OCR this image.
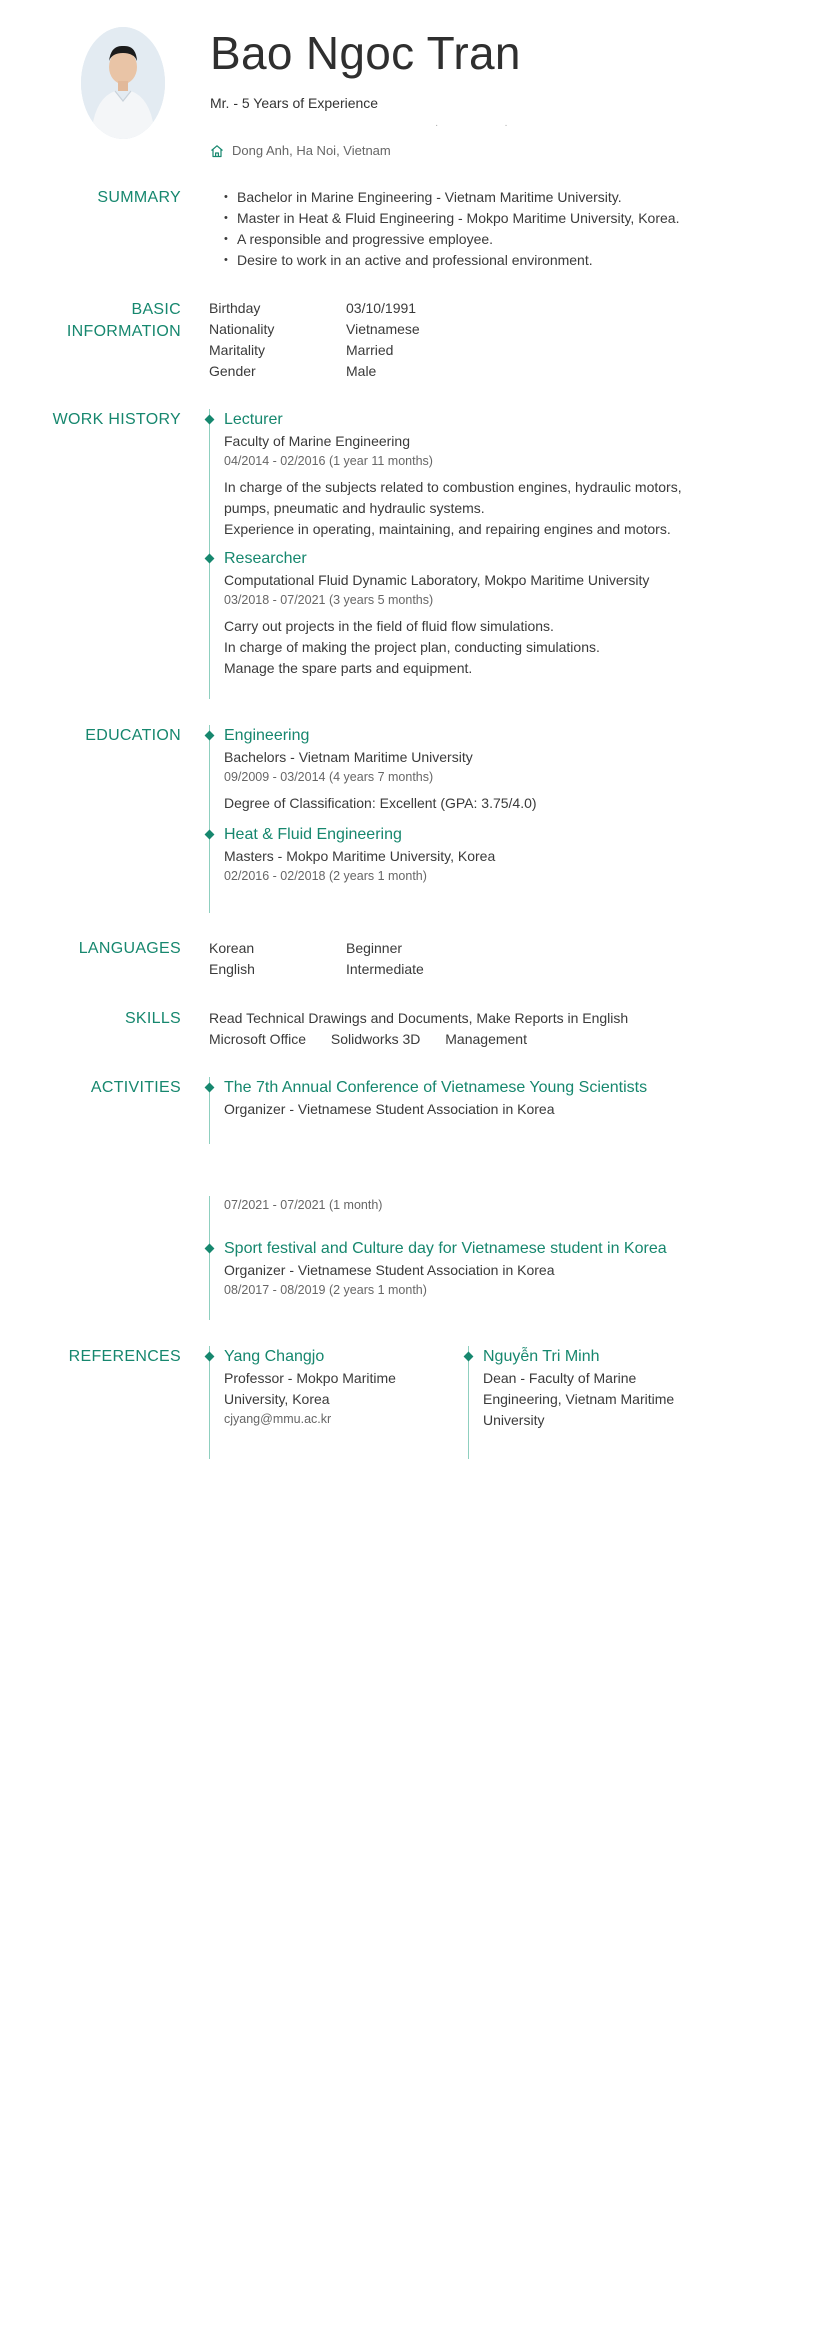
Bao Ngoc Tran
Mr. - 5 Years of Experience
··
Dong Anh, Ha Noi, Vietnam
SUMMARY
•	Bachelor in Marine Engineering - Vietnam Maritime University.
• Master in Heat & Fluid Engineering - Mokpo Maritime University, Korea.
• A responsible and progressive employee.
• Desire to work in an active and professional environment.
BASIC
INFORMATION
Birthday	03/10/1991
Nationality	Vietnamese
Maritality	Married
Gender	Male
WORK HISTORY	Lecturer
Faculty of Marine Engineering
04/2014 - 02/2016 (1 year 11 months)
In charge of the subjects related to combustion engines, hydraulic motors,
pumps, pneumatic and hydraulic systems.
Experience in operating, maintaining, and repairing engines and motors.
Researcher
Computational Fluid Dynamic Laboratory, Mokpo Maritime University
03/2018 - 07/2021 (3 years 5 months)
Carry out projects in the field of fluid flow simulations.
In charge of making the project plan, conducting simulations.
Manage the spare parts and equipment.
EDUCATION	Engineering
Bachelors - Vietnam Maritime University
09/2009 - 03/2014 (4 years 7 months)
Degree of Classification: Excellent (GPA: 3.75/4.0)
Heat & Fluid Engineering
Masters - Mokpo Maritime University, Korea
02/2016 - 02/2018 (2 years 1 month)
LANGUAGES Korean	Beginner
English	Intermediate
SKILLS Read Technical Drawings and Documents, Make Reports in English
Microsoft Office Solidworks 3D Management
ACTIVITIES	The 7th Annual Conference of Vietnamese Young Scientists
Organizer - Vietnamese Student Association in Korea
07/2021 - 07/2021 (1 month)
Sport festival and Culture day for Vietnamese student in Korea
Organizer - Vietnamese Student Association in Korea
08/2017 - 08/2019 (2 years 1 month)
REFERENCES	Yang Changjo
Professor - Mokpo Maritime
University, Korea
cjyang@mmu.ac.kr
Nguyễn Tri Minh
Dean - Faculty of Marine
Engineering, Vietnam Maritime
University
